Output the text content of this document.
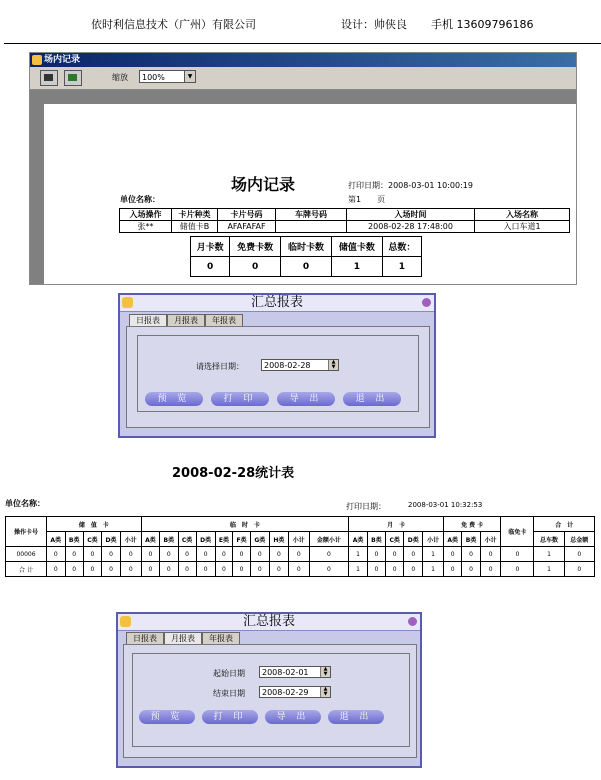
依时利信息技术（广州）有限公司	设计：帅侠良 手机 13609796186
场内记录
缩放	100%	▼
场内记录	打印日期：2008-03-01 10:00:19
第1　　页
单位名称：
入场操作	卡片种类	卡片号码	车牌号码	入场时间	入场名称
张**	储值卡B	AFAFAFAF		2008-02-28 17:48:00	入口车道1
月卡数	免费卡数	临时卡数	储值卡数	总数：
0	0	0	1	1
汇总报表
日报表	月报表	年报表
请选择日期：	2008-02-28	▲
▼
预 览	打 印	导 出	退 出
2008-02-28统计表
单位名称：	打印日期：	2008-03-01 10:32:53
操作卡号	储　值　卡					临　时　卡										月　卡					免 费 卡			临免卡	合　计	
	A类	B类	C类	D类	小计	A类	B类	C类	D类	E类	F类	G类	H类	小计	金额小计	A类	B类	C类	D类	小计	A类	B类	小计		总车数	总金额
00006	0	0	0	0	0	0	0	0	0	0	0	0	0	0	0	1	0	0	0	1	0	0	0	0	1	0
合 计	0	0	0	0	0	0	0	0	0	0	0	0	0	0	0	1	0	0	0	1	0	0	0	0	1	0
汇总报表
日报表	月报表	年报表
起始日期	2008-02-01	▲
▼
结束日期	2008-02-29	▲
▼
预 览	打 印	导 出	退 出
